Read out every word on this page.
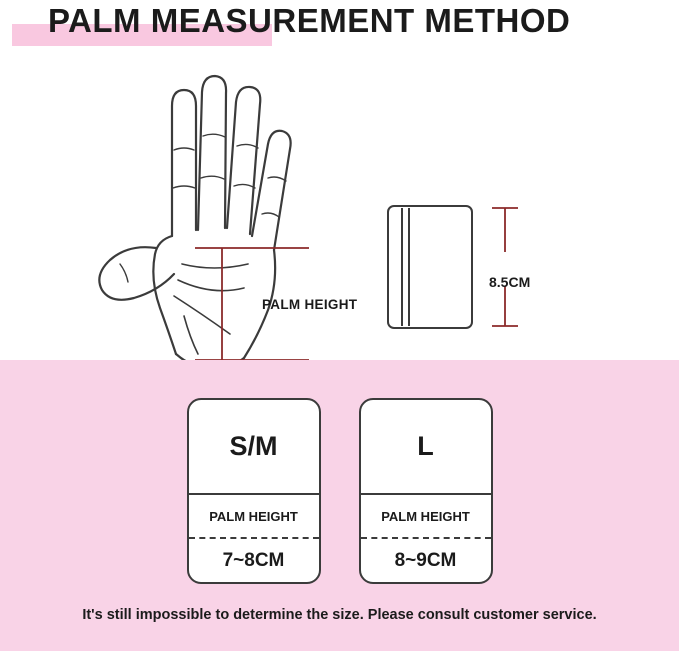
PALM MEASUREMENT METHOD
PALM HEIGHT
8.5CM
S/M
PALM HEIGHT
7~8CM
L
PALM HEIGHT
8~9CM
It's still impossible to determine the size. Please consult customer service.
